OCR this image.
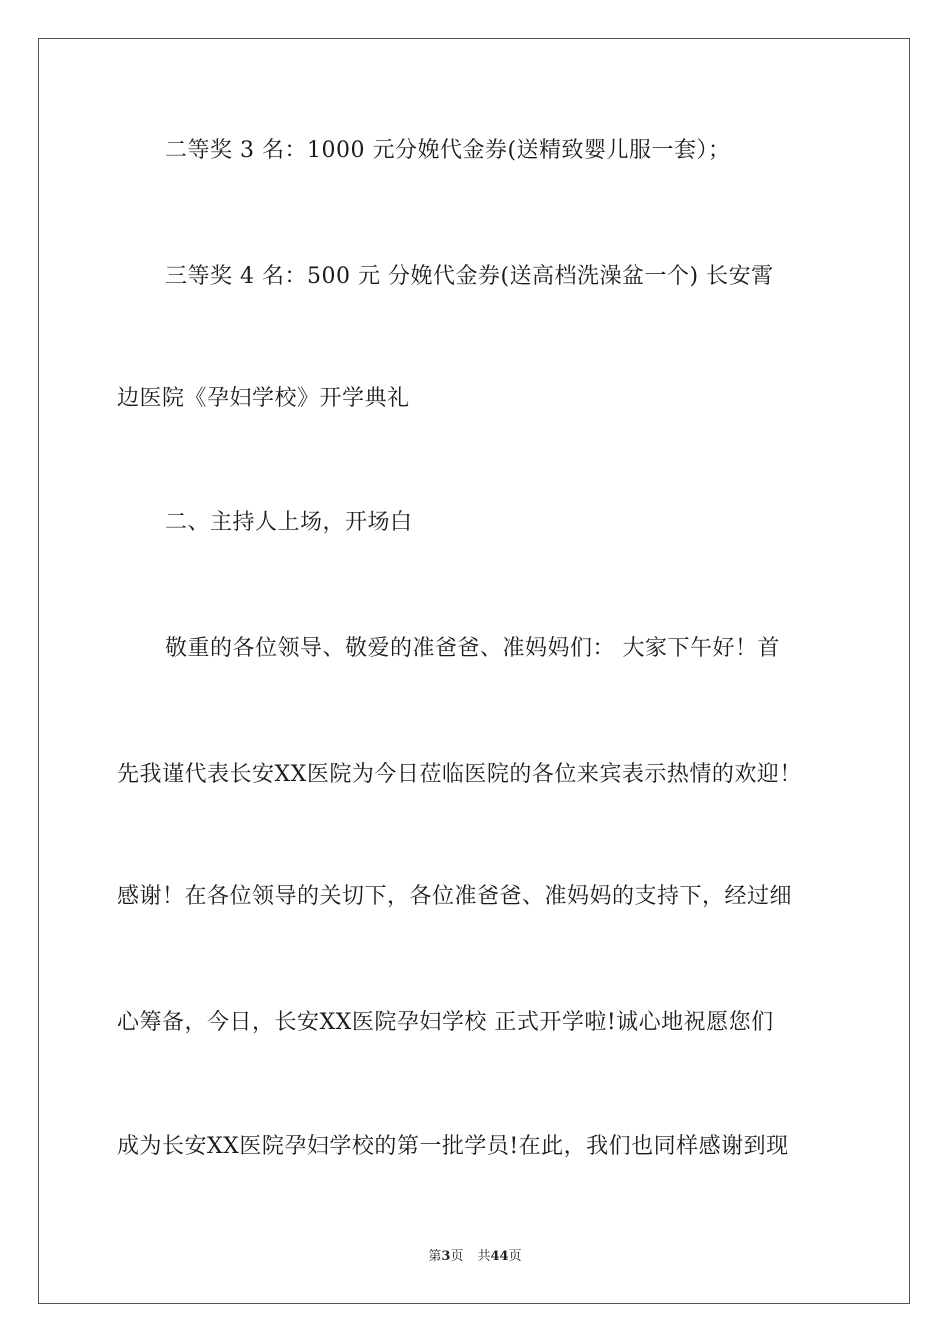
二等奖 3 名：1000 元分娩代金券(送精致婴儿服一套）；
三等奖 4 名：500 元 分娩代金券(送高档洗澡盆一个) 长安霄
边医院《孕妇学校》开学典礼
二、主持人上场，开场白
敬重的各位领导、敬爱的准爸爸、准妈妈们： 大家下午好！首
先我谨代表长安XX医院为今日莅临医院的各位来宾表示热情的欢迎！
感谢！在各位领导的关切下，各位准爸爸、准妈妈的支持下，经过细
心筹备，今日，长安XX医院孕妇学校 正式开学啦!诚心地祝愿您们
成为长安XX医院孕妇学校的第一批学员!在此，我们也同样感谢到现
第3页 共44页
